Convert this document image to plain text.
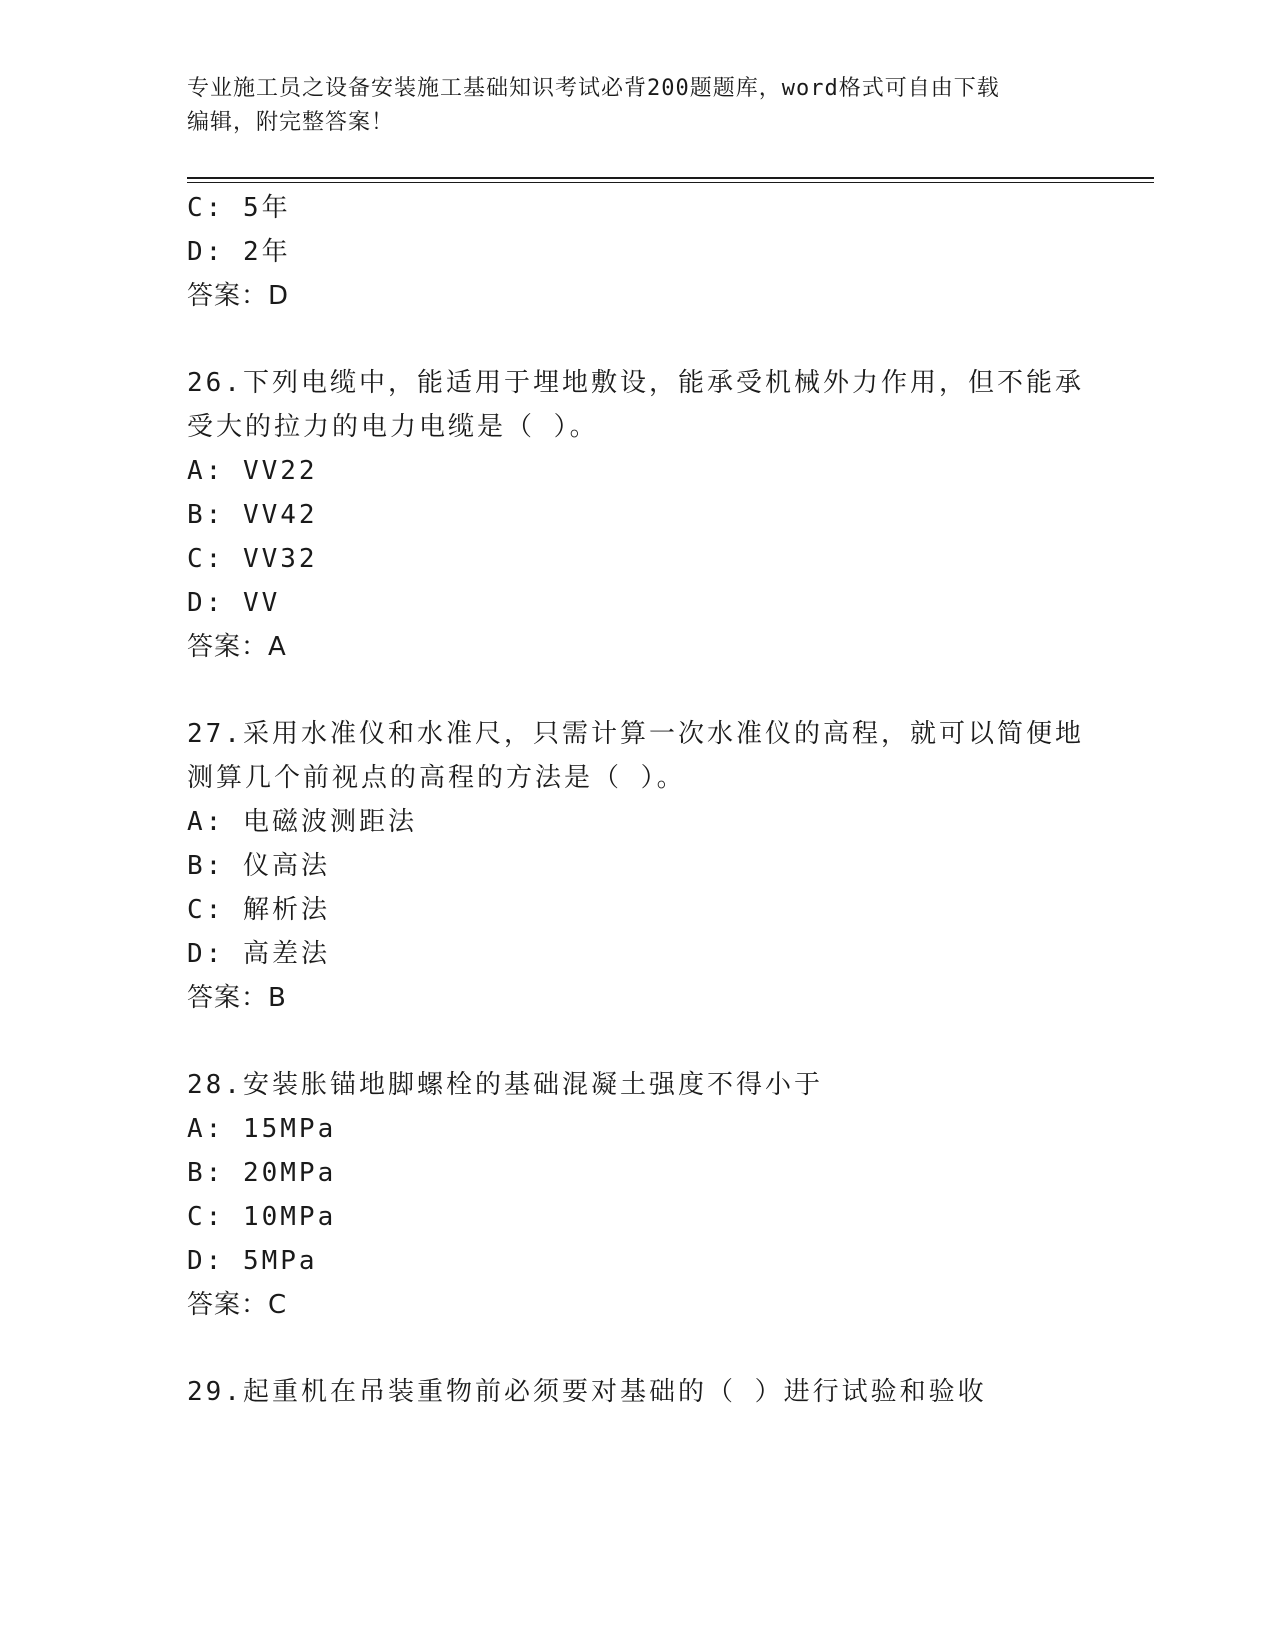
专业施工员之设备安装施工基础知识考试必背200题题库，word格式可自由下载
编辑，附完整答案！
C: 5年
D: 2年
答案：D
26.下列电缆中，能适用于埋地敷设，能承受机械外力作用，但不能承
受大的拉力的电力电缆是（ ）。
A: VV22
B: VV42
C: VV32
D: VV
答案：A
27.采用水准仪和水准尺，只需计算一次水准仪的高程，就可以简便地
测算几个前视点的高程的方法是（ ）。
A: 电磁波测距法
B: 仪高法
C: 解析法
D: 高差法
答案：B
28.安装胀锚地脚螺栓的基础混凝土强度不得小于
A: 15MPa
B: 20MPa
C: 10MPa
D: 5MPa
答案：C
29.起重机在吊装重物前必须要对基础的（ ）进行试验和验收
